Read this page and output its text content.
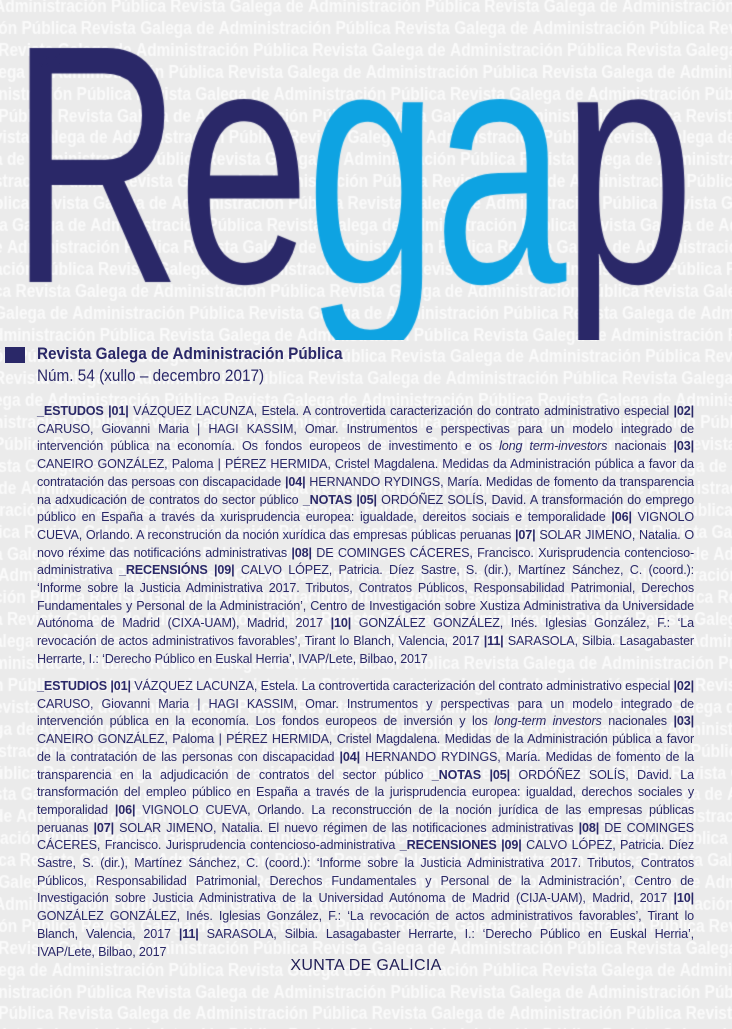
54
Revista Galega de Administración Pública
Núm. 54 (xullo – decembro 2017)
_ESTUDOS |01| VÁZQUEZ LACUNZA, Estela. A controvertida caracterización do contrato administrativo especial |02| CARUSO, Giovanni Maria | HAGI KASSIM, Omar. Instrumentos e perspectivas para un modelo integrado de intervención pública na economía. Os fondos europeos de investimento e os long term-investors nacionais |03| CANEIRO GONZÁLEZ, Paloma | PÉREZ HERMIDA, Cristel Magdalena. Medidas da Administración pública a favor da contratación das persoas con discapacidade |04| HERNANDO RYDINGS, María. Medidas de fomento da transparencia na adxudicación de contratos do sector público _NOTAS |05| ORDÓÑEZ SOLÍS, David. A transformación do emprego público en España a través da xurisprudencia europea: igualdade, dereitos sociais e temporalidade |06| VIGNOLO CUEVA, Orlando. A reconstrución da noción xurídica das empresas públicas peruanas |07| SOLAR JIMENO, Natalia. O novo réxime das notificacións administrativas |08| DE COMINGES CÁCERES, Francisco. Xurisprudencia contencioso-administrativa _RECENSIÓNS |09| CALVO LÓPEZ, Patricia. Díez Sastre, S. (dir.), Martínez Sánchez, C. (coord.): ‘Informe sobre la Justicia Administrativa 2017. Tributos, Contratos Públicos, Responsabilidad Patrimonial, Derechos Fundamentales y Personal de la Administración’, Centro de Investigación sobre Xustiza Administrativa da Universidade Autónoma de Madrid (CIXA-UAM), Madrid, 2017 |10| GONZÁLEZ GONZÁLEZ, Inés. Iglesias González, F.: ‘La revocación de actos administrativos favorables’, Tirant lo Blanch, Valencia, 2017 |11| SARASOLA, Silbia. Lasagabaster Herrarte, I.: ‘Derecho Público en Euskal Herria’, IVAP/Lete, Bilbao, 2017
_ESTUDIOS |01| VÁZQUEZ LACUNZA, Estela. La controvertida caracterización del contrato administrativo especial |02| CARUSO, Giovanni Maria | HAGI KASSIM, Omar. Instrumentos y perspectivas para un modelo integrado de intervención pública en la economía. Los fondos europeos de inversión y los long-term investors nacionales |03| CANEIRO GONZÁLEZ, Paloma | PÉREZ HERMIDA, Cristel Magdalena. Medidas de la Administración pública a favor de la contratación de las personas con discapacidad |04| HERNANDO RYDINGS, María. Medidas de fomento de la transparencia en la adjudicación de contratos del sector público _NOTAS |05| ORDÓÑEZ SOLÍS, David. La transformación del empleo público en España a través de la jurisprudencia europea: igualdad, derechos sociales y temporalidad |06| VIGNOLO CUEVA, Orlando. La reconstrucción de la noción jurídica de las empresas públicas peruanas |07| SOLAR JIMENO, Natalia. El nuevo régimen de las notificaciones administrativas |08| DE COMINGES CÁCERES, Francisco. Jurisprudencia contencioso-administrativa _RECENSIONES |09| CALVO LÓPEZ, Patricia. Díez Sastre, S. (dir.), Martínez Sánchez, C. (coord.): ‘Informe sobre la Justicia Administrativa 2017. Tributos, Contratos Públicos, Responsabilidad Patrimonial, Derechos Fundamentales y Personal de la Administración’, Centro de Investigación sobre Justicia Administrativa de la Universidad Autónoma de Madrid (CIJA-UAM), Madrid, 2017 |10| GONZÁLEZ GONZÁLEZ, Inés. Iglesias González, F.: ‘La revocación de actos administrativos favorables’, Tirant lo Blanch, Valencia, 2017 |11| SARASOLA, Silbia. Lasagabaster Herrarte, I.: ‘Derecho Público en Euskal Herria’, IVAP/Lete, Bilbao, 2017
XUNTA DE GALICIA
